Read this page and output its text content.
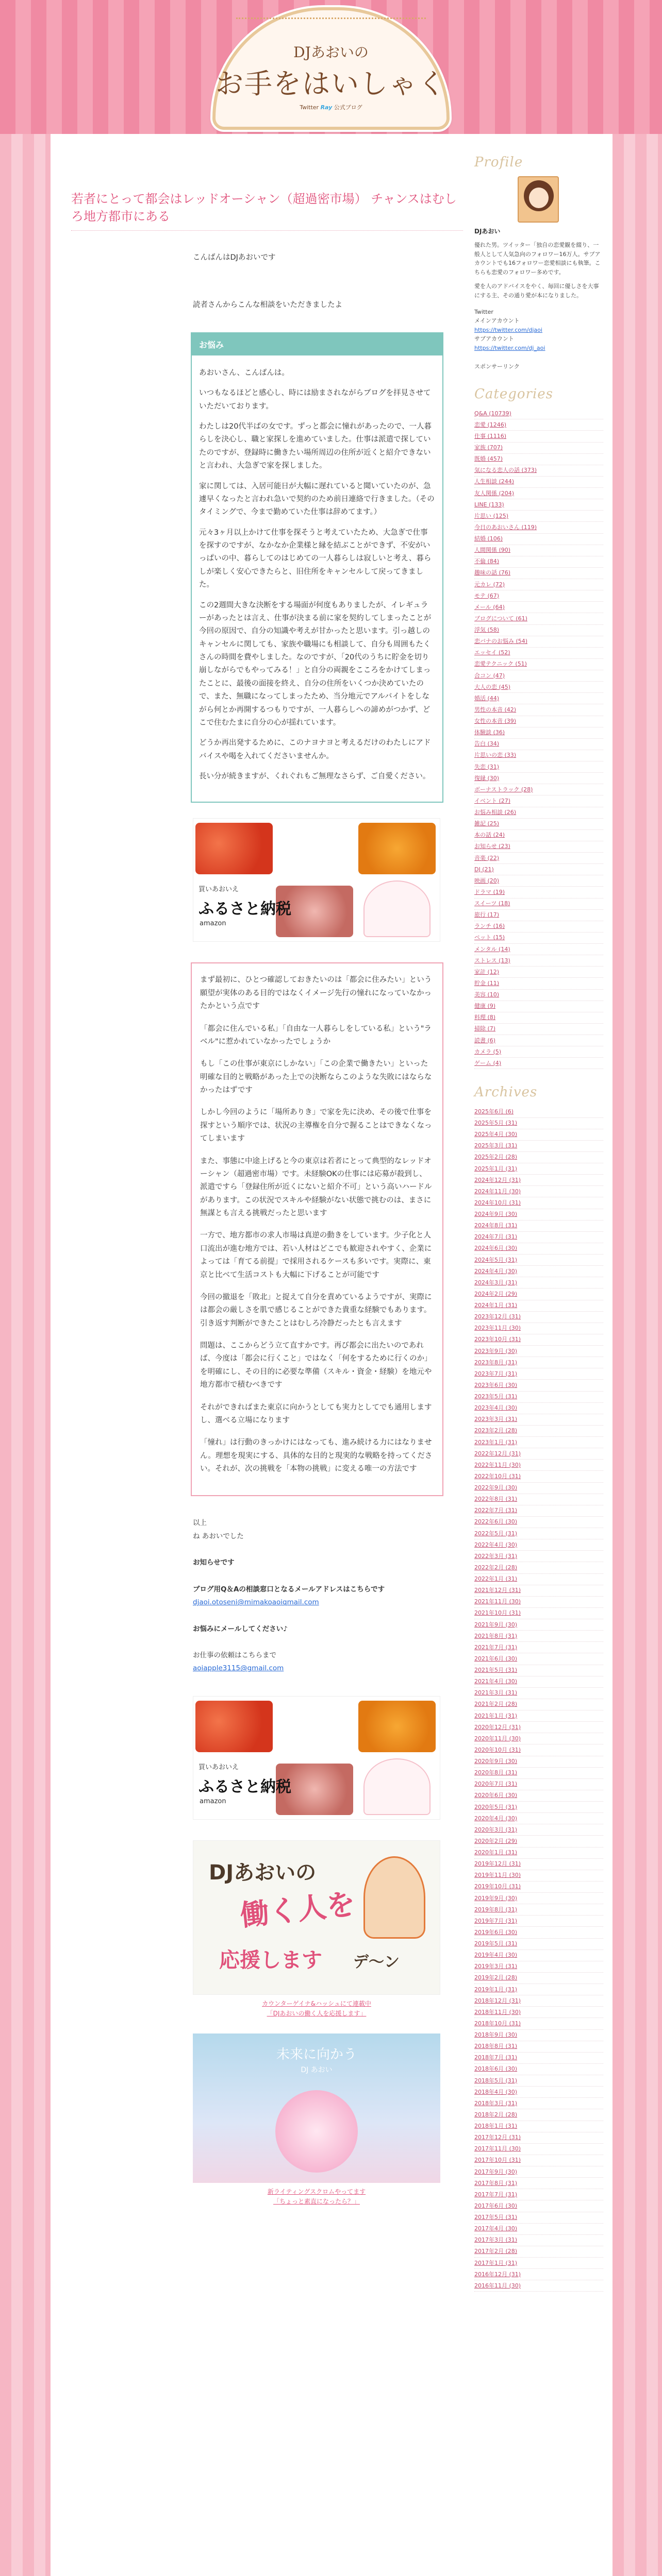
DJあおいの
お手をはいしゃく
Twitter Ray 公式ブログ
若者にとって都会はレッドオーシャン（超過密市場） チャンスはむしろ地方都市にある

こんばんはDJあおいです

読者さんからこんな相談をいただきましたよ

お悩み

あおいさん、こんばんは。

いつもなるほどと感心し、時には励まされながらブログを拝見させていただいております。

わたしは20代半ばの女です。ずっと都会に憧れがあったので、一人暮らしを決心し、職と家探しを進めていました。仕事は派遣で探していたのですが、登録時に働きたい場所周辺の住所が近くと紹介できないと言われ、大急ぎで家を探しました。

家に関しては、入居可能日が大幅に遅れていると聞いていたのが、急遽早くなったと言われ急いで契約のため前日連絡で行きました。（そのタイミングで、今まで勤めていた仕事は辞めてます。）

元々3ヶ月以上かけて仕事を探そうと考えていたため、大急ぎで仕事を探すのですが、なかなか企業様と縁を結ぶことができず、不安がいっぱいの中、暮らしてのはじめての一人暮らしは寂しいと考え、暮らしが楽しく安心できたらと、旧住所をキャンセルして戻ってきました。

この2週間大きな決断をする場面が何度もありましたが、イレギュラーがあったとは言え、仕事が決まる前に家を契約してしまったことが今回の原因で、自分の知識や考えが甘かったと思います。引っ越しのキャンセルに関しても、家族や職場にも相談して、自分も周囲もたくさんの時間を費やしました。なのですが、「20代のうちに貯金を切り崩しながらでもやってみる！」と自分の両親をこころをかけてしまったことに、最後の面接を終え、自分の住所をいくつか決めていたので、また、無職になってしまったため、当分地元でアルバイトをしながら何とか再開するつもりですが、一人暮らしへの諦めがつかず、どこで住むたまに自分の心が揺れています。

どうか再出発するために、このナヨナヨと考えるだけのわたしにアドバイスや喝を入れてくださいませんか。

長い分が続きますが、くれぐれもご無理なさらず、ご自愛ください。

買いあおいえ
ふるさと納税
amazon

まず最初に、ひとつ確認しておきたいのは「都会に住みたい」という願望が実体のある目的ではなくイメージ先行の憧れになっていなかったかという点です

「都会に住んでいる私」「自由な一人暮らしをしている私」という"ラベル"に惹かれていなかったでしょうか

もし「この仕事が東京にしかない」「この企業で働きたい」といった明確な目的と戦略があった上での決断ならこのような失敗にはならなかったはずです

しかし今回のように「場所ありき」で家を先に決め、その後で仕事を探すという順序では、状況の主導権を自分で握ることはできなくなってしまいます

また、事態に中途上げると今の東京は若者にとって典型的なレッドオーシャン（超過密市場）です。未経験OKの仕事には応募が殺到し、派遣ですら「登録住所が近くにないと紹介不可」という高いハードルがあります。この状況でスキルや経験がない状態で挑むのは、まさに無謀とも言える挑戦だったと思います

一方で、地方都市の求人市場は真逆の動きをしています。少子化と人口流出が進む地方では、若い人材はどこでも歓迎されやすく、企業によっては「育てる前提」で採用されるケースも多いです。実際に、東京と比べて生活コストも大幅に下げることが可能です

今回の撤退を「敗北」と捉えて自分を責めているようですが、実際には都会の厳しさを肌で感じることができた貴重な経験でもあります。引き返す判断ができたことはむしろ冷静だったとも言えます

問題は、ここからどう立て直すかです。再び都会に出たいのであれば、今度は「都会に行くこと」ではなく「何をするために行くのか」を明確にし、その目的に必要な準備（スキル・資金・経験）を地元や地方都市で積むべきです

それができればまた東京に向かうとしても実力としてでも通用しますし、選べる立場になります

「憧れ」は行動のきっかけにはなっても、進み続ける力にはなりません。理想を現実にする、具体的な目的と現実的な戦略を持ってください。それが、次の挑戦を「本物の挑戦」に変える唯一の方法です

以上
ね あおいでした

お知らせです

ブログ用Q＆Aの相談窓口となるメールアドレスはこちらです
djaoi.otoseni@mimakoaoiqmail.com

お悩みにメールしてください♪

お仕事の依頼はこちらまで
aoiapple3115@gmail.com
買いあおいえ
ふるさと納税
amazon
DJあおいの
働く人を
応援します デ〜ン
カウンターゲイナ&ハッシュにて連載中
「DJあおいの働く人を応援します」
未来に向かう
DJ あおい
新ライティングスクロムやってます
「ちょっと素直になったら？」
Profile
DJあおい
優れた男。ツイッター「独自の恋愛観を綴り、一般人として人気急向のフォロワー16万人。サブアカウントでも16フォロワー恋愛相談にも執筆。こちらも恋愛のフォロワー多めです。
愛を人のアドバイスをやく、毎回に優しさを大事にする主、その通り愛が本になりました。
Twitter
メインアカウント
https://twitter.com/djaoi
サブアカウント
https://twitter.com/dj_aoi
スポンサーリンク
Categories
Q&A (10739)
恋愛 (1246)
仕事 (1116)
家族 (707)
既婚 (457)
気になる恋人の話 (373)
人生相談 (244)
友人関係 (204)
LINE (133)
片思い (125)
今日のあおいさん (119)
結婚 (106)
人間関係 (90)
不倫 (84)
趣味の話 (76)
元カレ (72)
モテ (67)
メール (64)
ブログについて (61)
浮気 (58)
恋バナのお悩み (54)
エッセイ (52)
恋愛テクニック (51)
合コン (47)
大人の恋 (45)
婚活 (44)
男性の本音 (42)
女性の本音 (39)
体験談 (36)
告白 (34)
片思いの恋 (33)
失恋 (31)
復縁 (30)
ボーナストラック (28)
イベント (27)
お悩み相談 (26)
雑記 (25)
本の話 (24)
お知らせ (23)
音楽 (22)
DJ (21)
映画 (20)
ドラマ (19)
スイーツ (18)
旅行 (17)
ランチ (16)
ペット (15)
メンタル (14)
ストレス (13)
家計 (12)
貯金 (11)
美容 (10)
健康 (9)
料理 (8)
掃除 (7)
読書 (6)
カメラ (5)
ゲーム (4)
Archives
2025年6月 (6)
2025年5月 (31)
2025年4月 (30)
2025年3月 (31)
2025年2月 (28)
2025年1月 (31)
2024年12月 (31)
2024年11月 (30)
2024年10月 (31)
2024年9月 (30)
2024年8月 (31)
2024年7月 (31)
2024年6月 (30)
2024年5月 (31)
2024年4月 (30)
2024年3月 (31)
2024年2月 (29)
2024年1月 (31)
2023年12月 (31)
2023年11月 (30)
2023年10月 (31)
2023年9月 (30)
2023年8月 (31)
2023年7月 (31)
2023年6月 (30)
2023年5月 (31)
2023年4月 (30)
2023年3月 (31)
2023年2月 (28)
2023年1月 (31)
2022年12月 (31)
2022年11月 (30)
2022年10月 (31)
2022年9月 (30)
2022年8月 (31)
2022年7月 (31)
2022年6月 (30)
2022年5月 (31)
2022年4月 (30)
2022年3月 (31)
2022年2月 (28)
2022年1月 (31)
2021年12月 (31)
2021年11月 (30)
2021年10月 (31)
2021年9月 (30)
2021年8月 (31)
2021年7月 (31)
2021年6月 (30)
2021年5月 (31)
2021年4月 (30)
2021年3月 (31)
2021年2月 (28)
2021年1月 (31)
2020年12月 (31)
2020年11月 (30)
2020年10月 (31)
2020年9月 (30)
2020年8月 (31)
2020年7月 (31)
2020年6月 (30)
2020年5月 (31)
2020年4月 (30)
2020年3月 (31)
2020年2月 (29)
2020年1月 (31)
2019年12月 (31)
2019年11月 (30)
2019年10月 (31)
2019年9月 (30)
2019年8月 (31)
2019年7月 (31)
2019年6月 (30)
2019年5月 (31)
2019年4月 (30)
2019年3月 (31)
2019年2月 (28)
2019年1月 (31)
2018年12月 (31)
2018年11月 (30)
2018年10月 (31)
2018年9月 (30)
2018年8月 (31)
2018年7月 (31)
2018年6月 (30)
2018年5月 (31)
2018年4月 (30)
2018年3月 (31)
2018年2月 (28)
2018年1月 (31)
2017年12月 (31)
2017年11月 (30)
2017年10月 (31)
2017年9月 (30)
2017年8月 (31)
2017年7月 (31)
2017年6月 (30)
2017年5月 (31)
2017年4月 (30)
2017年3月 (31)
2017年2月 (28)
2017年1月 (31)
2016年12月 (31)
2016年11月 (30)
